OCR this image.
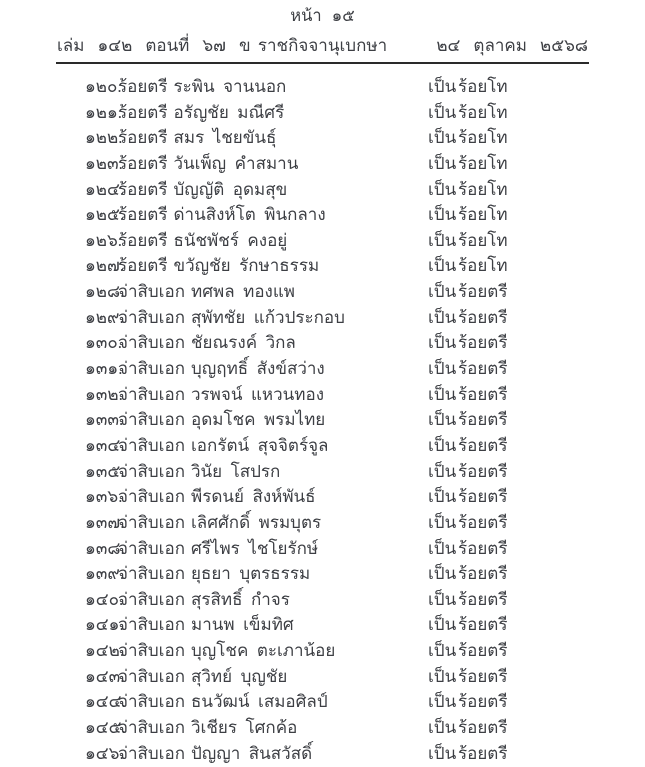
หน้า ๑๕
เล่ม ๑๔๒ ตอนที่ ๖๗ ข ราชกิจจานุเบกษา	๒๔ ตุลาคม ๒๕๖๘
๑๒๐.
ร้อยตรี ระพิน  จานนอก	เป็น ร้อยโท
๑๒๑.
ร้อยตรี อรัญชัย  มณีศรี	เป็น ร้อยโท
๑๒๒.
ร้อยตรี สมร  ไชยขันธุ์	เป็น ร้อยโท
๑๒๓.
ร้อยตรี วันเพ็ญ  คำสมาน	เป็น ร้อยโท
๑๒๔.
ร้อยตรี บัญญัติ  อุดมสุข	เป็น ร้อยโท
๑๒๕.
ร้อยตรี ด่านสิงห์โต  พินกลาง	เป็น ร้อยโท
๑๒๖.
ร้อยตรี ธนัชพัชร์  คงอยู่	เป็น ร้อยโท
๑๒๗.
ร้อยตรี ขวัญชัย  รักษาธรรม	เป็น ร้อยโท
๑๒๘.
จ่าสิบเอก ทศพล  ทองแพ	เป็น ร้อยตรี
๑๒๙.
จ่าสิบเอก สุพัทชัย  แก้วประกอบ	เป็น ร้อยตรี
๑๓๐.
จ่าสิบเอก ชัยณรงค์  วิกล	เป็น ร้อยตรี
๑๓๑.
จ่าสิบเอก บุญฤทธิ์  สังข์สว่าง	เป็น ร้อยตรี
๑๓๒.
จ่าสิบเอก วรพจน์  แหวนทอง	เป็น ร้อยตรี
๑๓๓.
จ่าสิบเอก อุดมโชค  พรมไทย	เป็น ร้อยตรี
๑๓๔.
จ่าสิบเอก เอกรัตน์  สุจจิตร์จูล	เป็น ร้อยตรี
๑๓๕.
จ่าสิบเอก วินัย  โสปรก	เป็น ร้อยตรี
๑๓๖.
จ่าสิบเอก พีรดนย์  สิงห์พันธ์	เป็น ร้อยตรี
๑๓๗.
จ่าสิบเอก เลิศศักดิ์  พรมบุตร	เป็น ร้อยตรี
๑๓๘.
จ่าสิบเอก ศรีไพร  ไชโยรักษ์	เป็น ร้อยตรี
๑๓๙.
จ่าสิบเอก ยุธยา  บุตรธรรม	เป็น ร้อยตรี
๑๔๐.
จ่าสิบเอก สุรสิทธิ์  กำจร	เป็น ร้อยตรี
๑๔๑.
จ่าสิบเอก มานพ  เข็มทิศ	เป็น ร้อยตรี
๑๔๒.
จ่าสิบเอก บุญโชค  ตะเภาน้อย	เป็น ร้อยตรี
๑๔๓.
จ่าสิบเอก สุวิทย์  บุญชัย	เป็น ร้อยตรี
๑๔๔.
จ่าสิบเอก ธนวัฒน์  เสมอศิลป์	เป็น ร้อยตรี
๑๔๕.
จ่าสิบเอก วิเชียร  โศกค้อ	เป็น ร้อยตรี
๑๔๖.
จ่าสิบเอก ปัญญา  สินสวัสดิ์	เป็น ร้อยตรี
